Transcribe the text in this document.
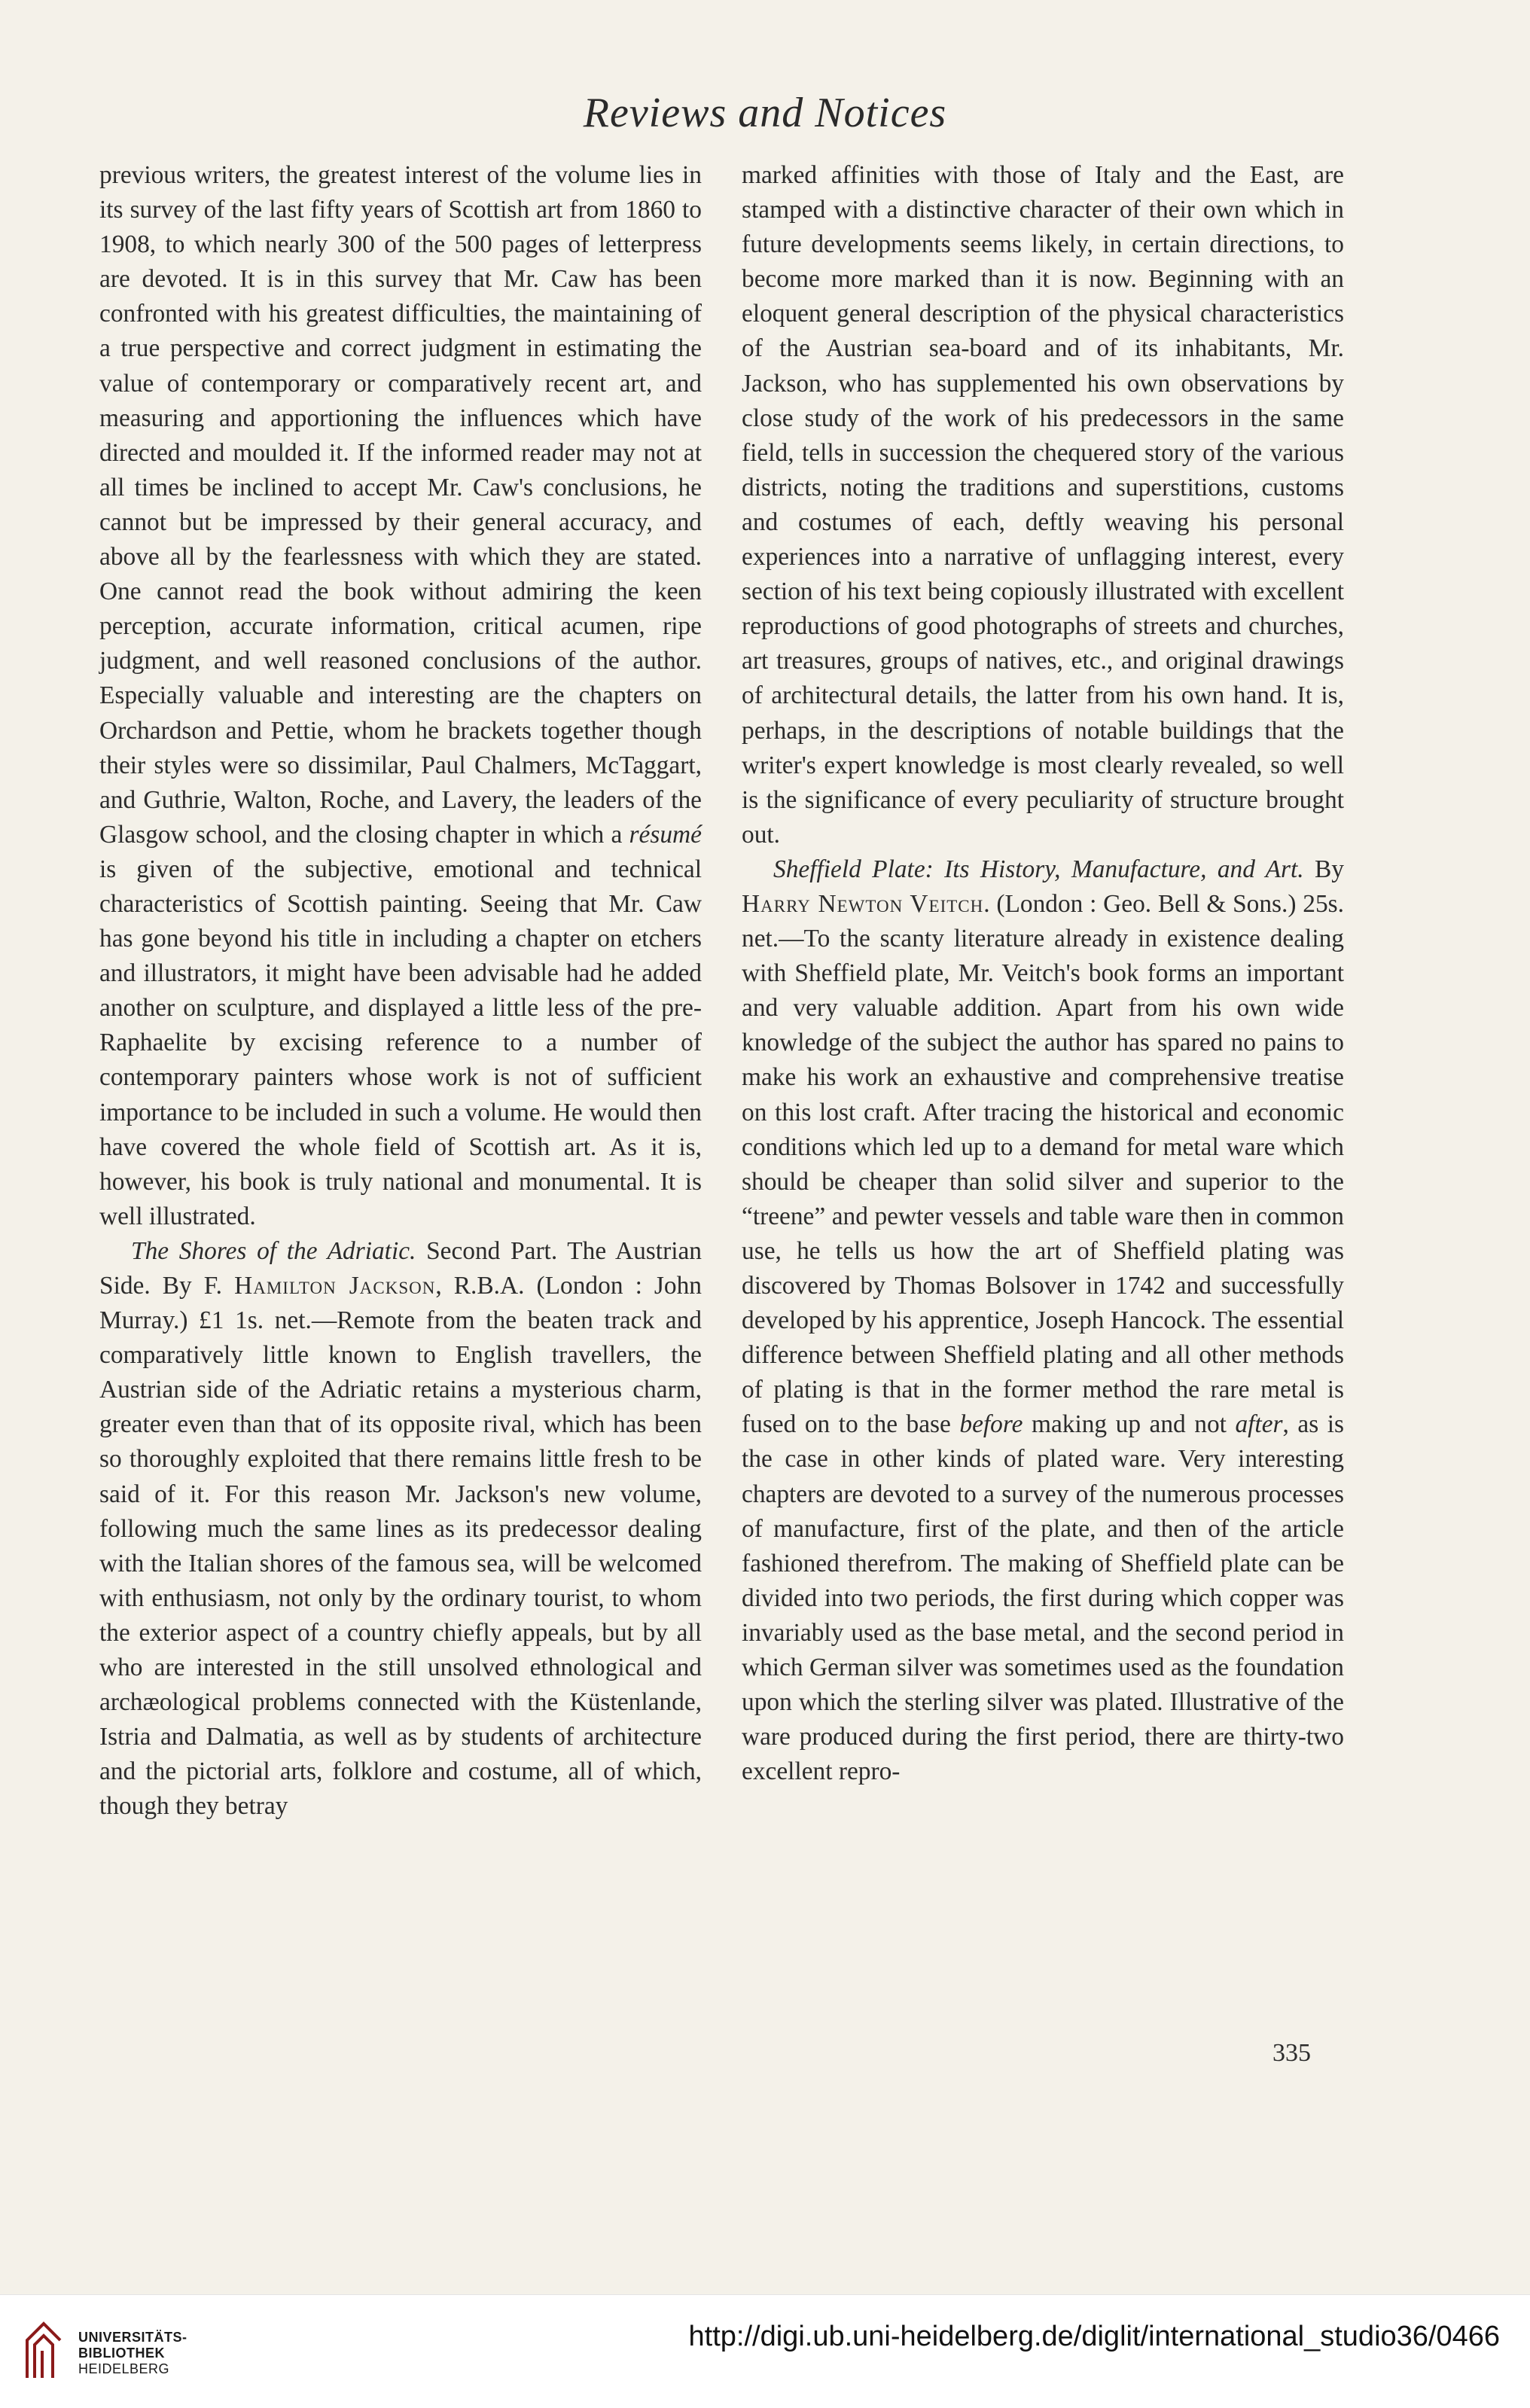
Reviews and Notices

previous writers, the greatest interest of the volume lies in its survey of the last fifty years of Scottish art from 1860 to 1908, to which nearly 300 of the 500 pages of letterpress are devoted. It is in this survey that Mr. Caw has been confronted with his greatest difficulties, the maintaining of a true perspective and correct judgment in estimating the value of contemporary or comparatively recent art, and measuring and apportioning the influences which have directed and moulded it. If the informed reader may not at all times be inclined to accept Mr. Caw's conclusions, he cannot but be impressed by their general accuracy, and above all by the fearlessness with which they are stated. One cannot read the book without admiring the keen perception, accurate information, critical acumen, ripe judgment, and well reasoned conclusions of the author. Especially valuable and interesting are the chapters on Orchardson and Pettie, whom he brackets together though their styles were so dissimilar, Paul Chalmers, McTaggart, and Guthrie, Walton, Roche, and Lavery, the leaders of the Glasgow school, and the closing chapter in which a résumé is given of the subjective, emotional and technical characteristics of Scottish painting. Seeing that Mr. Caw has gone beyond his title in including a chapter on etchers and illustrators, it might have been advisable had he added another on sculpture, and displayed a little less of the pre-Raphaelite by excising reference to a number of contemporary painters whose work is not of sufficient importance to be included in such a volume. He would then have covered the whole field of Scottish art. As it is, however, his book is truly national and monumental. It is well illustrated.

The Shores of the Adriatic. Second Part. The Austrian Side. By F. Hamilton Jackson, R.B.A. (London : John Murray.) £1 1s. net.—Remote from the beaten track and comparatively little known to English travellers, the Austrian side of the Adriatic retains a mysterious charm, greater even than that of its opposite rival, which has been so thoroughly exploited that there remains little fresh to be said of it. For this reason Mr. Jackson's new volume, following much the same lines as its predecessor dealing with the Italian shores of the famous sea, will be welcomed with enthusiasm, not only by the ordinary tourist, to whom the exterior aspect of a country chiefly appeals, but by all who are interested in the still unsolved ethnological and archæological problems connected with the Küstenlande, Istria and Dalmatia, as well as by students of architecture and the pictorial arts, folklore and costume, all of which, though they betray

marked affinities with those of Italy and the East, are stamped with a distinctive character of their own which in future developments seems likely, in certain directions, to become more marked than it is now. Beginning with an eloquent general description of the physical characteristics of the Austrian sea-board and of its inhabitants, Mr. Jackson, who has supplemented his own observations by close study of the work of his predecessors in the same field, tells in succession the chequered story of the various districts, noting the traditions and superstitions, customs and costumes of each, deftly weaving his personal experiences into a narrative of unflagging interest, every section of his text being copiously illustrated with excellent reproductions of good photographs of streets and churches, art treasures, groups of natives, etc., and original drawings of architectural details, the latter from his own hand. It is, perhaps, in the descriptions of notable buildings that the writer's expert knowledge is most clearly revealed, so well is the significance of every peculiarity of structure brought out.

Sheffield Plate: Its History, Manufacture, and Art. By Harry Newton Veitch. (London : Geo. Bell & Sons.) 25s. net.—To the scanty literature already in existence dealing with Sheffield plate, Mr. Veitch's book forms an important and very valuable addition. Apart from his own wide knowledge of the subject the author has spared no pains to make his work an exhaustive and comprehensive treatise on this lost craft. After tracing the historical and economic conditions which led up to a demand for metal ware which should be cheaper than solid silver and superior to the “treene” and pewter vessels and table ware then in common use, he tells us how the art of Sheffield plating was discovered by Thomas Bolsover in 1742 and successfully developed by his apprentice, Joseph Hancock. The essential difference between Sheffield plating and all other methods of plating is that in the former method the rare metal is fused on to the base before making up and not after, as is the case in other kinds of plated ware. Very interesting chapters are devoted to a survey of the numerous processes of manufacture, first of the plate, and then of the article fashioned therefrom. The making of Sheffield plate can be divided into two periods, the first during which copper was invariably used as the base metal, and the second period in which German silver was sometimes used as the foundation upon which the sterling silver was plated. Illustrative of the ware produced during the first period, there are thirty-two excellent repro-

335
UNIVERSITÄTS-
BIBLIOTHEK
HEIDELBERG
http://digi.ub.uni-heidelberg.de/diglit/international_studio36/0466
